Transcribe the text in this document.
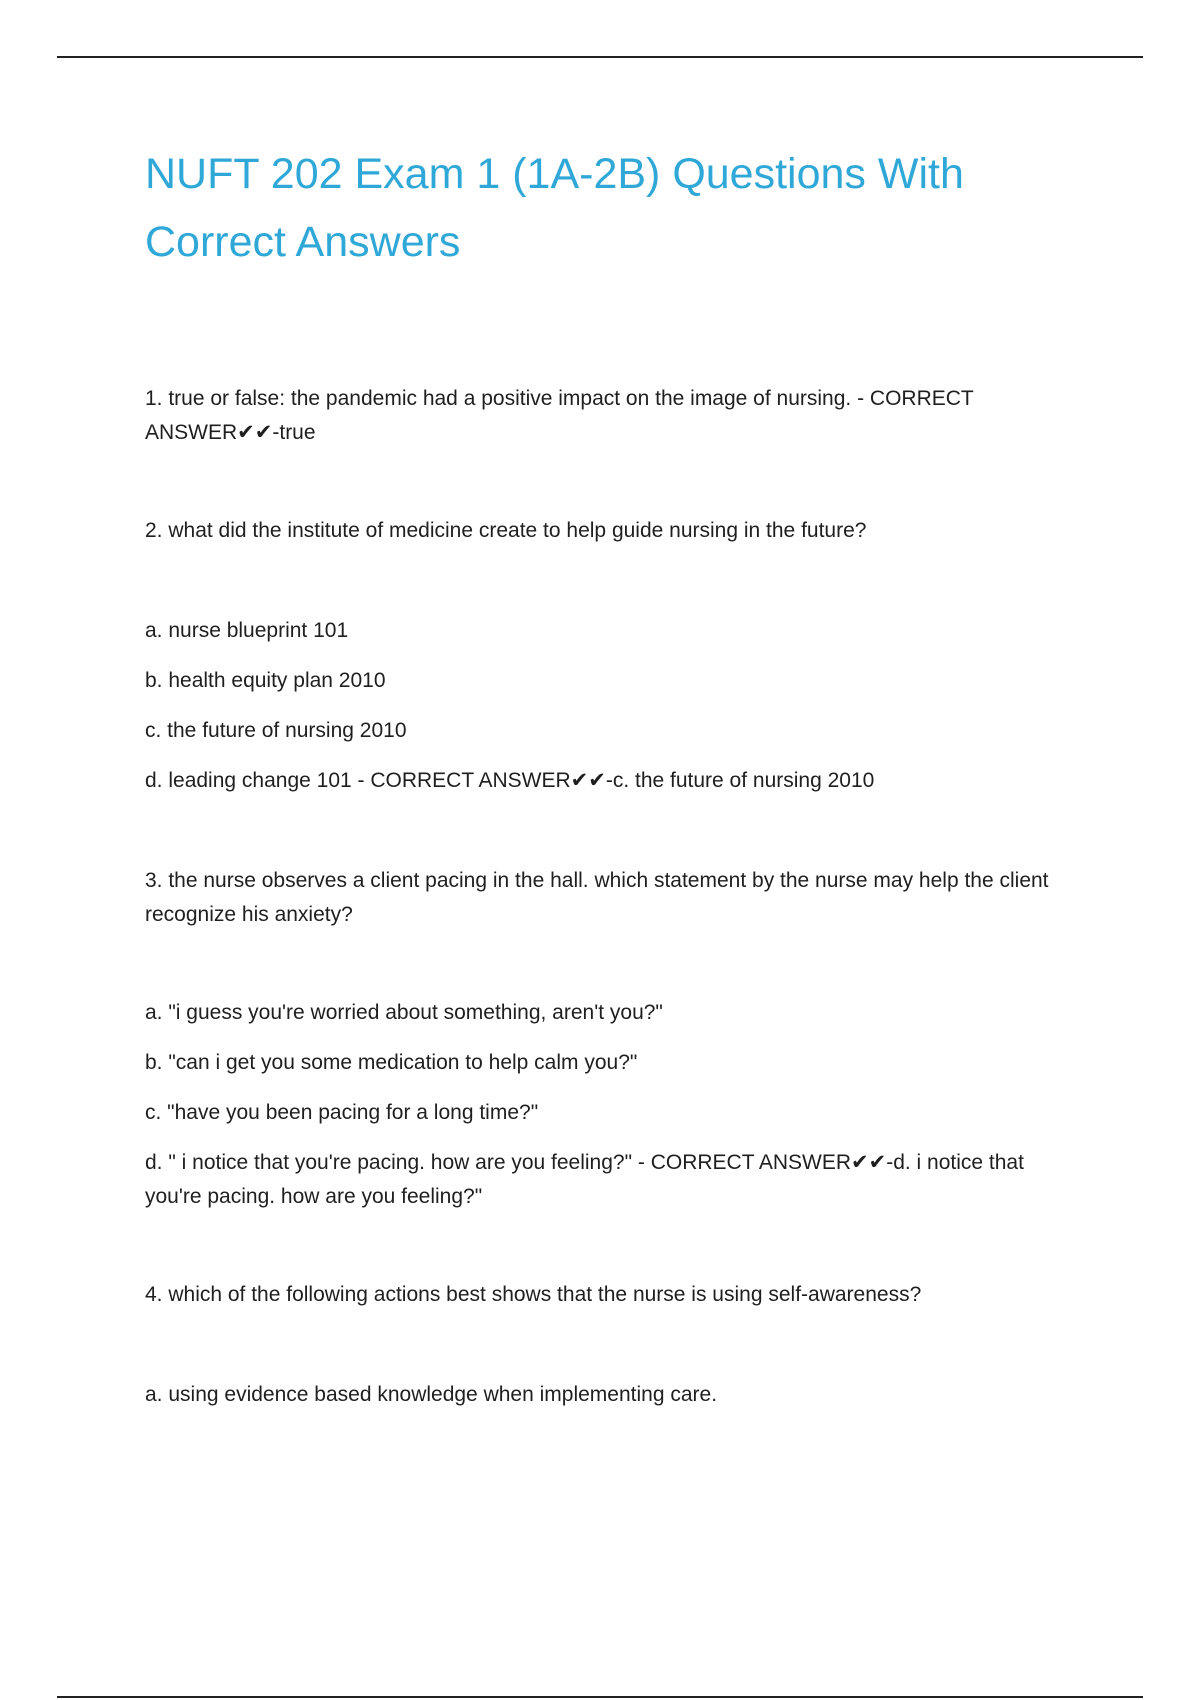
NUFT 202 Exam 1 (1A-2B) Questions With Correct Answers

1. true or false: the pandemic had a positive impact on the image of nursing. - CORRECT ANSWER✔✔-true

2. what did the institute of medicine create to help guide nursing in the future?

a. nurse blueprint 101

b. health equity plan 2010

c. the future of nursing 2010

d. leading change 101 - CORRECT ANSWER✔✔-c. the future of nursing 2010

3. the nurse observes a client pacing in the hall. which statement by the nurse may help the client recognize his anxiety?

a. "i guess you're worried about something, aren't you?"

b. "can i get you some medication to help calm you?"

c. "have you been pacing for a long time?"

d. " i notice that you're pacing. how are you feeling?" - CORRECT ANSWER✔✔-d. i notice that you're pacing. how are you feeling?"

4. which of the following actions best shows that the nurse is using self-awareness?

a. using evidence based knowledge when implementing care.
